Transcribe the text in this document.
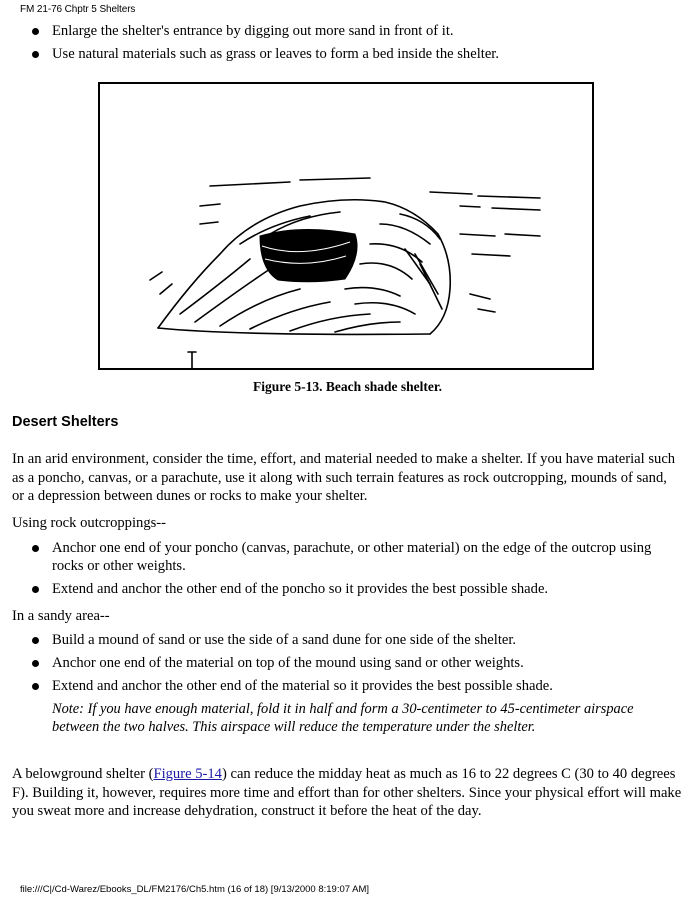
FM 21-76 Chptr 5 Shelters
Enlarge the shelter's entrance by digging out more sand in front of it.
Use natural materials such as grass or leaves to form a bed inside the shelter.
Figure 5-13. Beach shade shelter.
Desert Shelters

In an arid environment, consider the time, effort, and material needed to make a shelter. If you have material such as a poncho, canvas, or a parachute, use it along with such terrain features as rock outcropping, mounds of sand, or a depression between dunes or rocks to make your shelter.

Using rock outcroppings--

Anchor one end of your poncho (canvas, parachute, or other material) on the edge of the outcrop using rocks or other weights.
Extend and anchor the other end of the poncho so it provides the best possible shade.

In a sandy area--

Build a mound of sand or use the side of a sand dune for one side of the shelter.
Anchor one end of the material on top of the mound using sand or other weights.
Extend and anchor the other end of the material so it provides the best possible shade.

Note: If you have enough material, fold it in half and form a 30-centimeter to 45-centimeter airspace between the two halves. This airspace will reduce the temperature under the shelter.

A belowground shelter (Figure 5-14) can reduce the midday heat as much as 16 to 22 degrees C (30 to 40 degrees F). Building it, however, requires more time and effort than for other shelters. Since your physical effort will make you sweat more and increase dehydration, construct it before the heat of the day.

file:///C|/Cd-Warez/Ebooks_DL/FM2176/Ch5.htm (16 of 18) [9/13/2000 8:19:07 AM]
